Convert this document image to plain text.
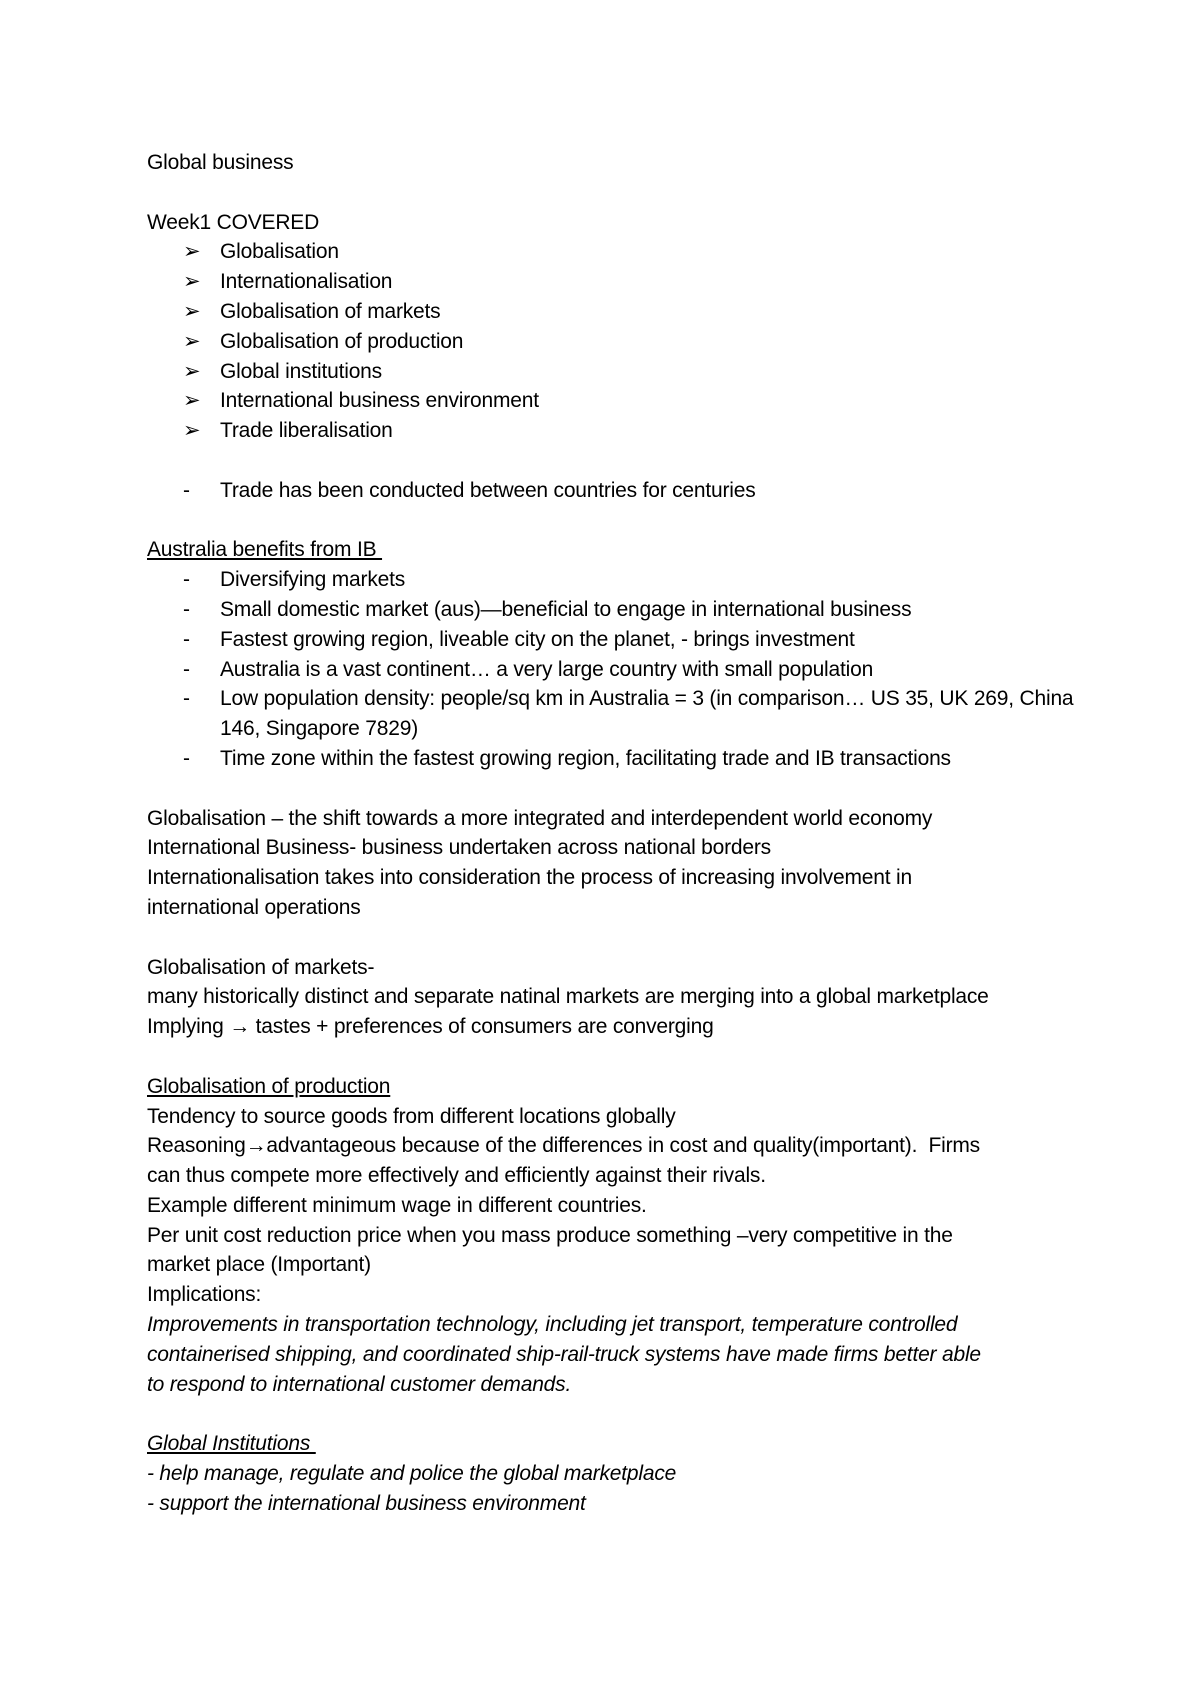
Global business
Week1 COVERED
➢ Globalisation
➢ Internationalisation
➢ Globalisation of markets
➢ Globalisation of production
➢ Global institutions
➢ International business environment
➢ Trade liberalisation
- Trade has been conducted between countries for centuries
Australia benefits from IB
- Diversifying markets
- Small domestic market (aus)—beneficial to engage in international business
- Fastest growing region, liveable city on the planet, - brings investment
- Australia is a vast continent… a very large country with small population
- Low population density: people/sq km in Australia = 3 (in comparison… US 35, UK 269, China 146, Singapore 7829)
- Time zone within the fastest growing region, facilitating trade and IB transactions
Globalisation – the shift towards a more integrated and interdependent world economy
International Business- business undertaken across national borders
Internationalisation takes into consideration the process of increasing involvement in
international operations
Globalisation of markets-
many historically distinct and separate natinal markets are merging into a global marketplace
Implying → tastes + preferences of consumers are converging
Globalisation of production
Tendency to source goods from different locations globally
Reasoning→advantageous because of the differences in cost and quality(important).  Firms
can thus compete more effectively and efficiently against their rivals.
Example different minimum wage in different countries.
Per unit cost reduction price when you mass produce something –very competitive in the
market place (Important)
Implications:
Improvements in transportation technology, including jet transport, temperature controlled
containerised shipping, and coordinated ship-rail-truck systems have made firms better able
to respond to international customer demands.
Global Institutions
- help manage, regulate and police the global marketplace
- support the international business environment
